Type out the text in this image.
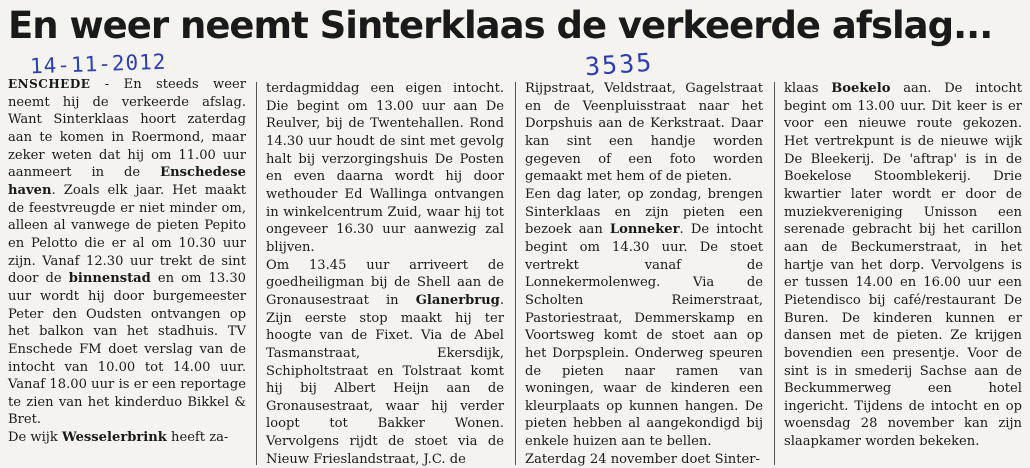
En weer neemt Sinterklaas de verkeerde afslag...
14-11-2012	3535

ENSCHEDE - En steeds weer neemt hij de verkeerde afslag. Want Sinterklaas hoort zaterdag aan te komen in Roermond, maar zeker weten dat hij om 11.00 uur aanmeert in de Enschedese haven. Zoals elk jaar. Het maakt de feestvreugde er niet minder om, alleen al vanwege de pieten Pepito en Pelotto die er al om 10.30 uur zijn. Vanaf 12.30 uur trekt de sint door de binnenstad en om 13.30 uur wordt hij door burgemeester Peter den Oudsten ontvangen op het balkon van het stadhuis. TV Enschede FM doet verslag van de intocht van 10.00 tot 14.00 uur. Vanaf 18.00 uur is er een reportage te zien van het kinderduo Bikkel & Bret.

De wijk Wesselerbrink heeft za-

terdagmiddag een eigen intocht. Die begint om 13.00 uur aan De Reulver, bij de Twentehallen. Rond 14.30 uur houdt de sint met gevolg halt bij verzorgingshuis De Posten en even daarna wordt hij door wethouder Ed Wallinga ontvangen in winkelcentrum Zuid, waar hij tot ongeveer 16.30 uur aanwezig zal blijven.

Om 13.45 uur arriveert de goedheiligman bij de Shell aan de Gronausestraat in Glanerbrug. Zijn eerste stop maakt hij ter hoogte van de Fixet. Via de Abel Tasmanstraat, Ekersdijk, Schipholtstraat en Tolstraat komt hij bij Albert Heijn aan de Gronausestraat, waar hij verder loopt tot Bakker Wonen. Vervolgens rijdt de stoet via de Nieuw Frieslandstraat, J.C. de

Rijpstraat, Veldstraat, Gagelstraat en de Veenpluisstraat naar het Dorpshuis aan de Kerkstraat. Daar kan sint een handje worden gegeven of een foto worden gemaakt met hem of de pieten.

Een dag later, op zondag, brengen Sinterklaas en zijn pieten een bezoek aan Lonneker. De intocht begint om 14.30 uur. De stoet vertrekt vanaf de Lonnekermolenweg. Via de Scholten Reimerstraat, Pastoriestraat, Demmerskamp en Voortsweg komt de stoet aan op het Dorpsplein. Onderweg speuren de pieten naar ramen van woningen, waar de kinderen een kleurplaats op kunnen hangen. De pieten hebben al aangekondigd bij enkele huizen aan te bellen.

Zaterdag 24 november doet Sinter-

klaas Boekelo aan. De intocht begint om 13.00 uur. Dit keer is er voor een nieuwe route gekozen. Het vertrekpunt is de nieuwe wijk De Bleekerij. De 'aftrap' is in de Boekelose Stoomblekerij. Drie kwartier later wordt er door de muziekvereniging Unisson een serenade gebracht bij het carillon aan de Beckumerstraat, in het hartje van het dorp. Vervolgens is er tussen 14.00 en 16.00 uur een Pietendisco bij café/restaurant De Buren. De kinderen kunnen er dansen met de pieten. Ze krijgen bovendien een presentje. Voor de sint is in smederij Sachse aan de Beckummerweg een hotel ingericht. Tijdens de intocht en op woensdag 28 november kan zijn slaapkamer worden bekeken.
